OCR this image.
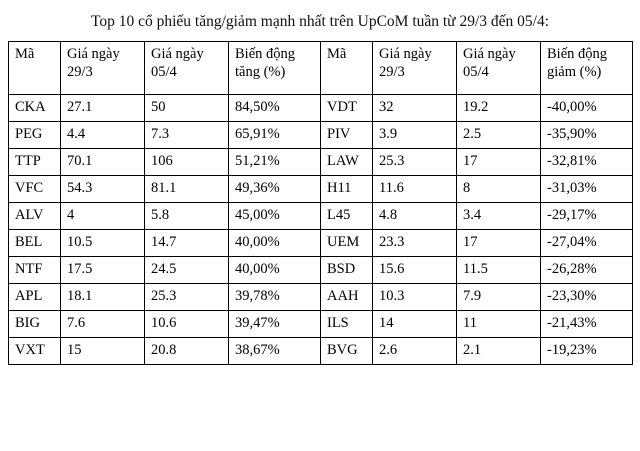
Top 10 cổ phiếu tăng/giảm mạnh nhất trên UpCoM tuần từ 29/3 đến 05/4:
Mã	Giá ngày 29/3	Giá ngày 05/4	Biến động tăng (%)	Mã	Giá ngày 29/3	Giá ngày 05/4	Biến động giảm (%)

CKA	27.1	50	84,50%	VDT	32	19.2	-40,00%

PEG	4.4	7.3	65,91%	PIV	3.9	2.5	-35,90%

TTP	70.1	106	51,21%	LAW	25.3	17	-32,81%

VFC	54.3	81.1	49,36%	H11	11.6	8	-31,03%

ALV	4	5.8	45,00%	L45	4.8	3.4	-29,17%

BEL	10.5	14.7	40,00%	UEM	23.3	17	-27,04%

NTF	17.5	24.5	40,00%	BSD	15.6	11.5	-26,28%

APL	18.1	25.3	39,78%	AAH	10.3	7.9	-23,30%

BIG	7.6	10.6	39,47%	ILS	14	11	-21,43%

VXT	15	20.8	38,67%	BVG	2.6	2.1	-19,23%
